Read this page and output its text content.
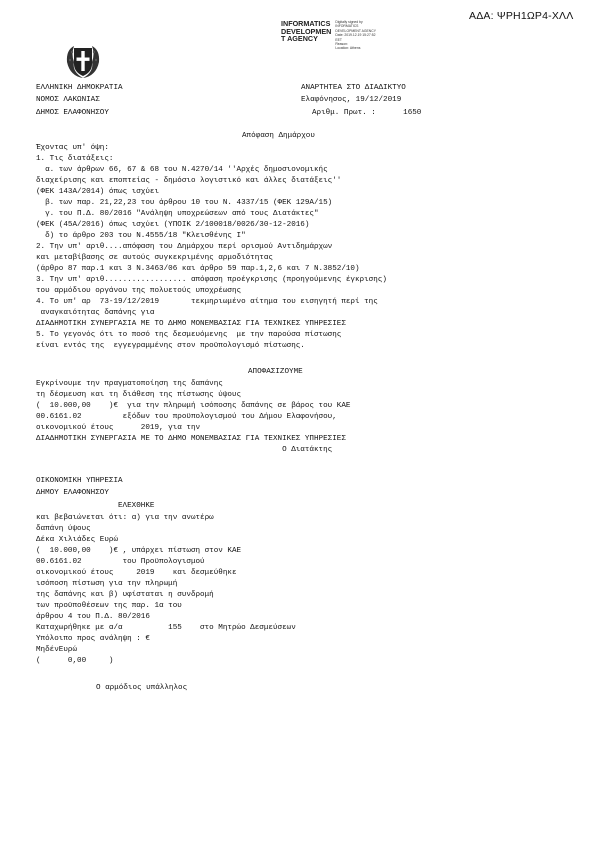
ΑΔΑ: ΨΡΗ1ΩΡ4-ΧΛΛ
INFORMATICS
DEVELOPMEN
T AGENCY
Digitally signed by
INFORMATICS
DEVELOPMENT AGENCY
Date: 2019.12.19 15:27:52
EET
Reason:
Location: Athens
ΕΛΛΗΝΙΚΗ ΔΗΜΟΚΡΑΤΙΑ
ΝΟΜΟΣ ΛΑΚΩΝΙΑΣ
ΔΗΜΟΣ ΕΛΑΦΟΝΗΣΟΥ
ΑΝΑΡΤΗΤΕΑ ΣΤΟ ΔΙΑΔΙΚΤΥΟ
Ελαφόνησος, 19/12/2019
Αριθμ. Πρωτ. :      1650
Απόφαση Δημάρχου
Έχοντας υπ' όψη:
1. Τις διατάξεις:
α. των άρθρων 66, 67 & 68 του Ν.4270/14 ''Αρχές δημοσιονομικής
διαχείρισης και εποπτείας - δημόσιο λογιστικό και άλλες διατάξεις''
(ΦΕΚ 143Α/2014) όπως ισχύει
β. των παρ. 21,22,23 του άρθρου 10 του Ν. 4337/15 (ΦΕΚ 129Α/15)
γ. του Π.Δ. 80/2016 "Ανάληψη υποχρεώσεων από τους Διατάκτες"
(ΦΕΚ (45Α/2016) όπως ισχύει (ΥΠΟΙΚ 2/100018/0026/30-12-2016)
δ) το άρθρο 203 του Ν.4555/18 "Κλεισθένης Ι"
2. Την υπ' αριθ....απόφαση του Δημάρχου περί ορισμού Αντιδημάρχων
και μεταβίβασης σε αυτούς συγκεκριμένης αρμοδιότητας
(άρθρο 87 παρ.1 και 3 Ν.3463/06 και άρθρο 59 παρ.1,2,6 και 7 Ν.3852/10)
3. Την υπ' αριθ.................. απόφαση προέγκρισης (προηγούμενης έγκρισης)
του αρμόδιου οργάνου της πολυετούς υποχρέωσης
4. Το υπ' αρ  73-19/12/2019       τεκμηριωμένο αίτημα του εισηγητή περί της
αναγκαιότητας δαπάνης για
ΔΙΑΔΗΜΟΤΙΚΗ ΣΥΝΕΡΓΑΣΙΑ ΜΕ ΤΟ ΔΗΜΟ ΜΟΝΕΜΒΑΣΙΑΣ ΓΙΑ ΤΕΧΝΙΚΕΣ ΥΠΗΡΕΣΙΕΣ
5. Το γεγονός ότι το ποσό της δεσμευόμενης  με την παρούσα πίστωσης
είναι εντός της  εγγεγραμμένης στον προϋπολογισμό πίστωσης.
ΑΠΟΦΑΣΙΖΟΥΜΕ
Εγκρίνουμε την πραγματοποίηση της δαπάνης
τη δέσμευση και τη διάθεση της πίστωσης ύψους
(  10.000,00    )€  για την πληρωμή ισόποσης δαπάνης σε βάρος του ΚΑΕ
00.6161.02         εξόδων του προϋπολογισμού του Δήμου Ελαφονήσου,
οικονομικού έτους      2019, για την
ΔΙΑΔΗΜΟΤΙΚΗ ΣΥΝΕΡΓΑΣΙΑ ΜΕ ΤΟ ΔΗΜΟ ΜΟΝΕΜΒΑΣΙΑΣ ΓΙΑ ΤΕΧΝΙΚΕΣ ΥΠΗΡΕΣΙΕΣ
Ο Διατάκτης
ΟΙΚΟΝΟΜΙΚΗ ΥΠΗΡΕΣΙΑ
ΔΗΜΟΥ ΕΛΑΦΟΝΗΣΟΥ
ΕΛΕΧΘΗΚΕ
και βεβαιώνεται ότι: α) για την ανωτέρω
δαπάνη ύψους
Δέκα Χιλιάδες Ευρώ
(  10.000,00    )€ , υπάρχει πίστωση στον ΚΑΕ
00.6161.02         του Προϋπολογισμού
οικονομικού έτους     2019    και δεσμεύθηκε
ισόποση πίστωση για την πληρωμή
της δαπάνης και β) υφίσταται η συνδρομή
των προϋποθέσεων της παρ. 1α του
άρθρου 4 του Π.Δ. 80/2016
Καταχωρήθηκε με α/α          155    στο Μητρώο Δεσμεύσεων
Υπόλοιπο προς ανάληψη : €
ΜηδένΕυρώ
(      0,00     )
Ο αρμόδιος υπάλληλος
